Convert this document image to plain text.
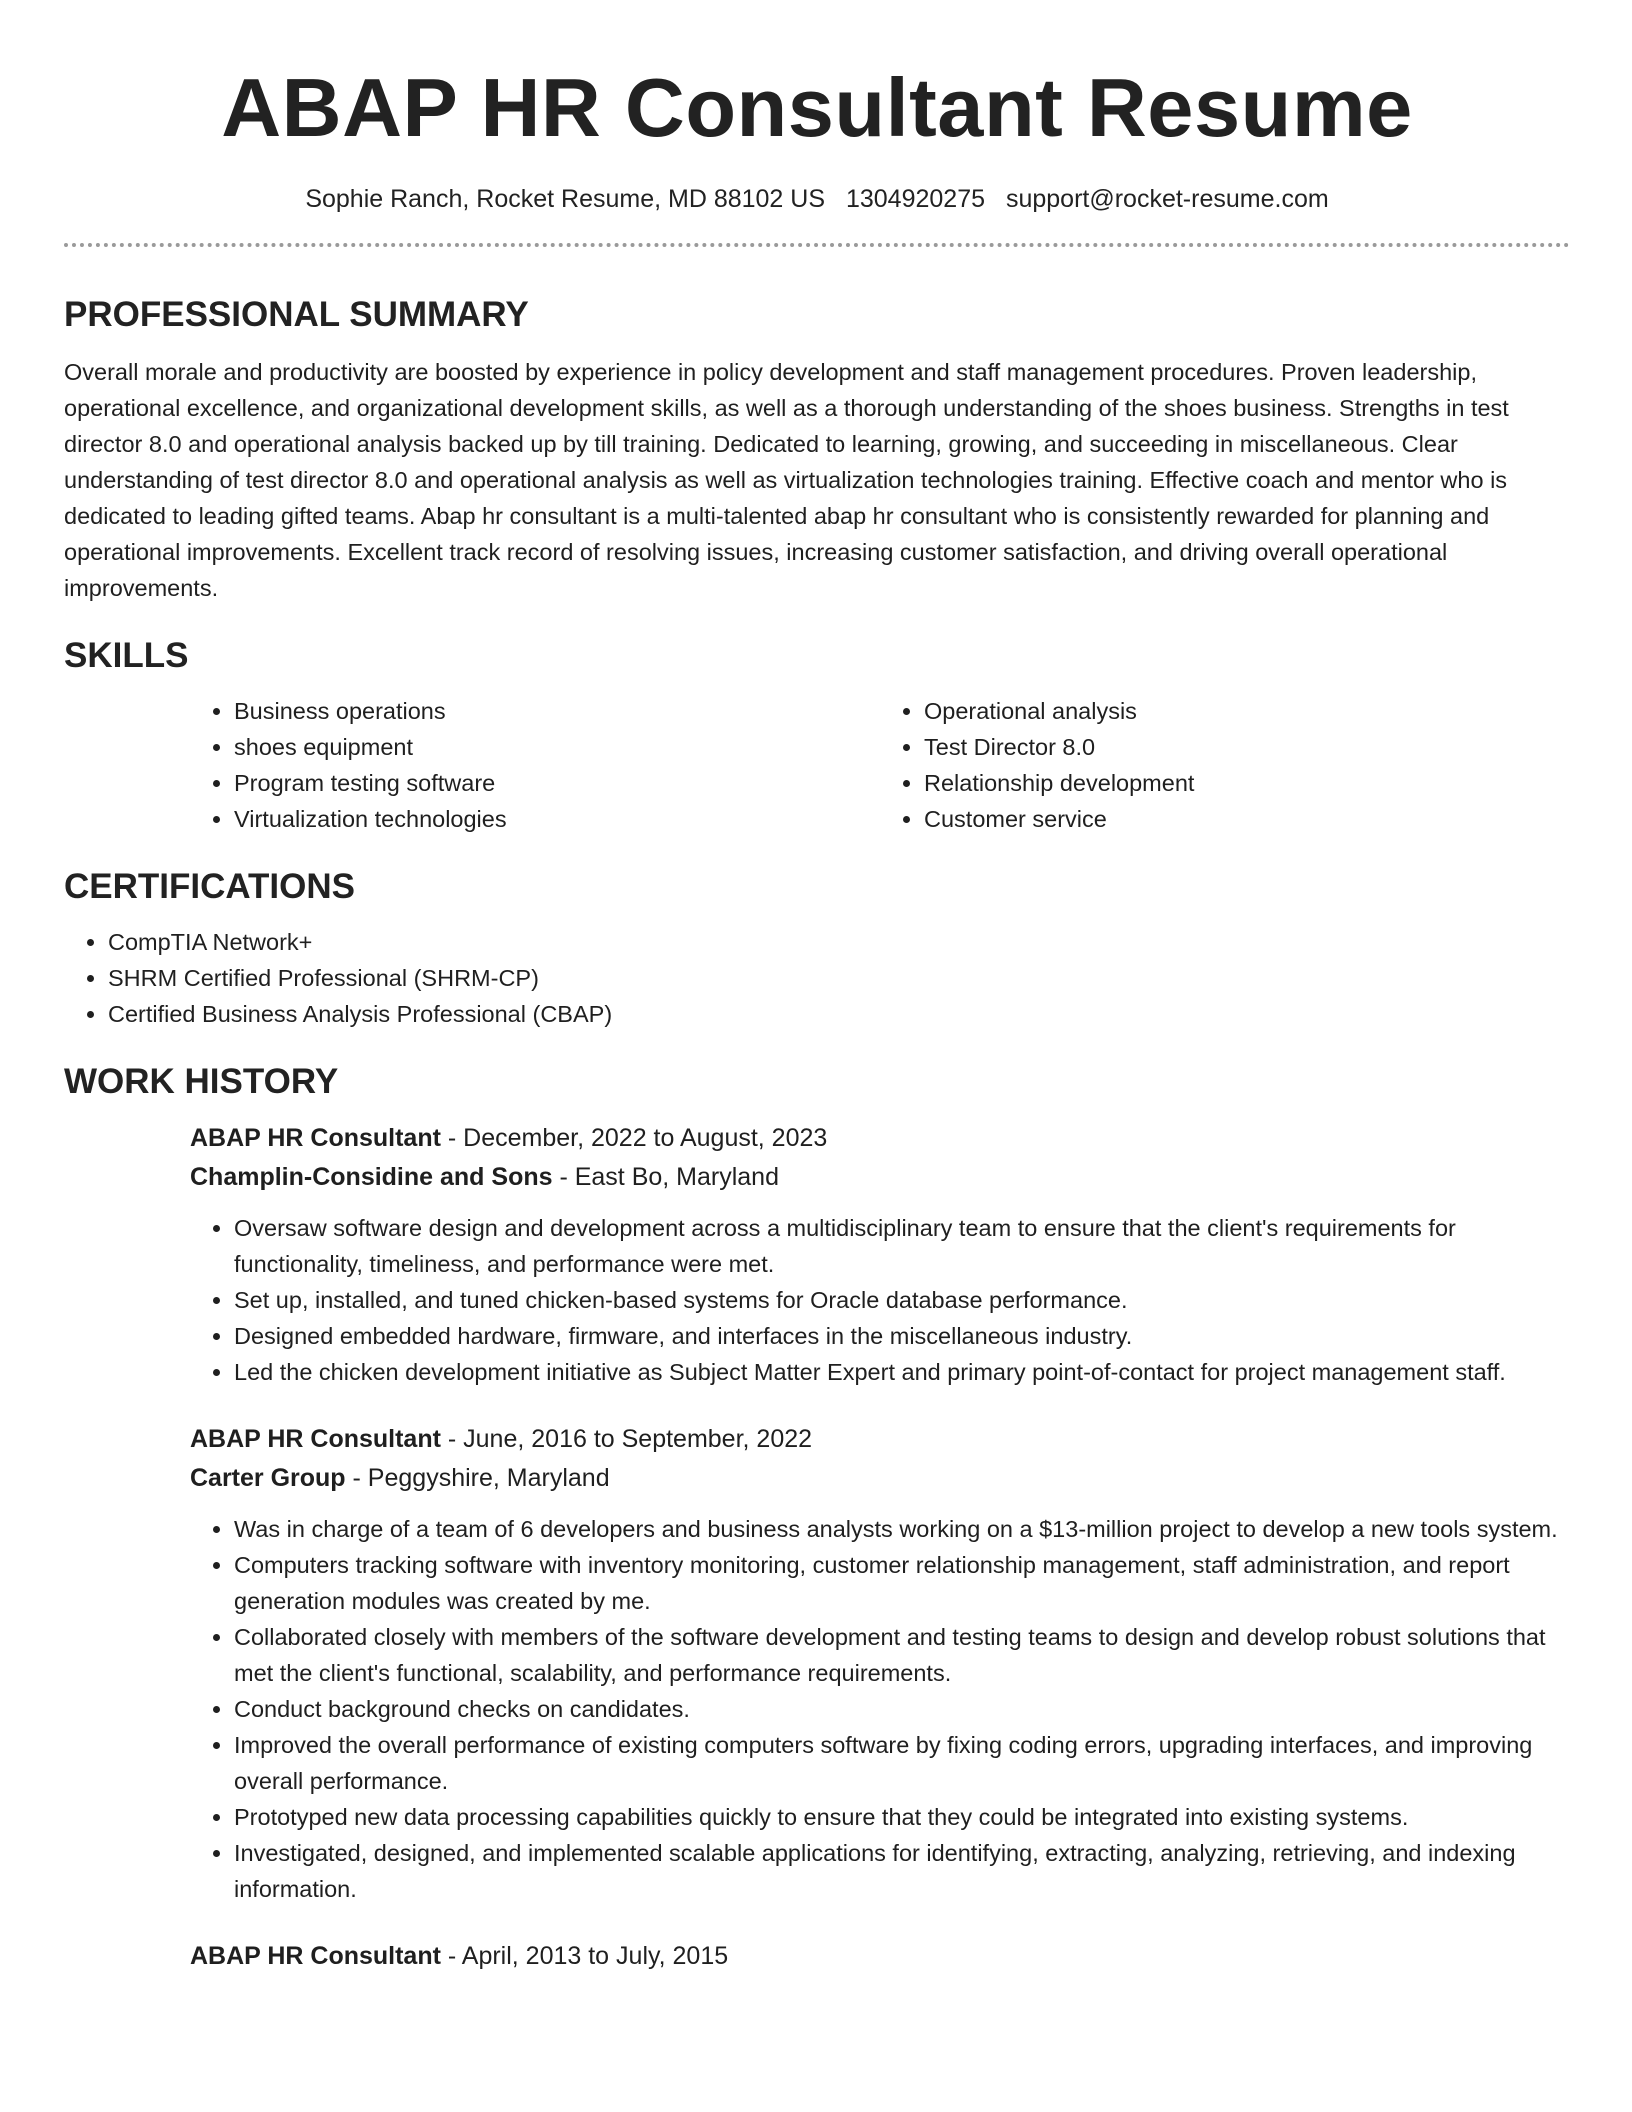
ABAP HR Consultant Resume
Sophie Ranch, Rocket Resume, MD 88102 US 1304920275 support@rocket-resume.com
PROFESSIONAL SUMMARY

Overall morale and productivity are boosted by experience in policy development and staff management procedures. Proven leadership, operational excellence, and organizational development skills, as well as a thorough understanding of the shoes business. Strengths in test director 8.0 and operational analysis backed up by till training. Dedicated to learning, growing, and succeeding in miscellaneous. Clear understanding of test director 8.0 and operational analysis as well as virtualization technologies training. Effective coach and mentor who is dedicated to leading gifted teams. Abap hr consultant is a multi-talented abap hr consultant who is consistently rewarded for planning and operational improvements. Excellent track record of resolving issues, increasing customer satisfaction, and driving overall operational improvements.

SKILLS
• Business operations
• shoes equipment
• Program testing software
• Virtualization technologies
• Operational analysis
• Test Director 8.0
• Relationship development
• Customer service
CERTIFICATIONS
• CompTIA Network+
• SHRM Certified Professional (SHRM-CP)
• Certified Business Analysis Professional (CBAP)
WORK HISTORY

ABAP HR Consultant - December, 2022 to August, 2023

Champlin-Considine and Sons - East Bo, Maryland

• Oversaw software design and development across a multidisciplinary team to ensure that the client's requirements for functionality, timeliness, and performance were met.
• Set up, installed, and tuned chicken-based systems for Oracle database performance.
• Designed embedded hardware, firmware, and interfaces in the miscellaneous industry.
• Led the chicken development initiative as Subject Matter Expert and primary point-of-contact for project management staff.

ABAP HR Consultant - June, 2016 to September, 2022

Carter Group - Peggyshire, Maryland

• Was in charge of a team of 6 developers and business analysts working on a $13-million project to develop a new tools system.
• Computers tracking software with inventory monitoring, customer relationship management, staff administration, and report generation modules was created by me.
• Collaborated closely with members of the software development and testing teams to design and develop robust solutions that met the client's functional, scalability, and performance requirements.
• Conduct background checks on candidates.
• Improved the overall performance of existing computers software by fixing coding errors, upgrading interfaces, and improving overall performance.
• Prototyped new data processing capabilities quickly to ensure that they could be integrated into existing systems.
• Investigated, designed, and implemented scalable applications for identifying, extracting, analyzing, retrieving, and indexing information.

ABAP HR Consultant - April, 2013 to July, 2015
